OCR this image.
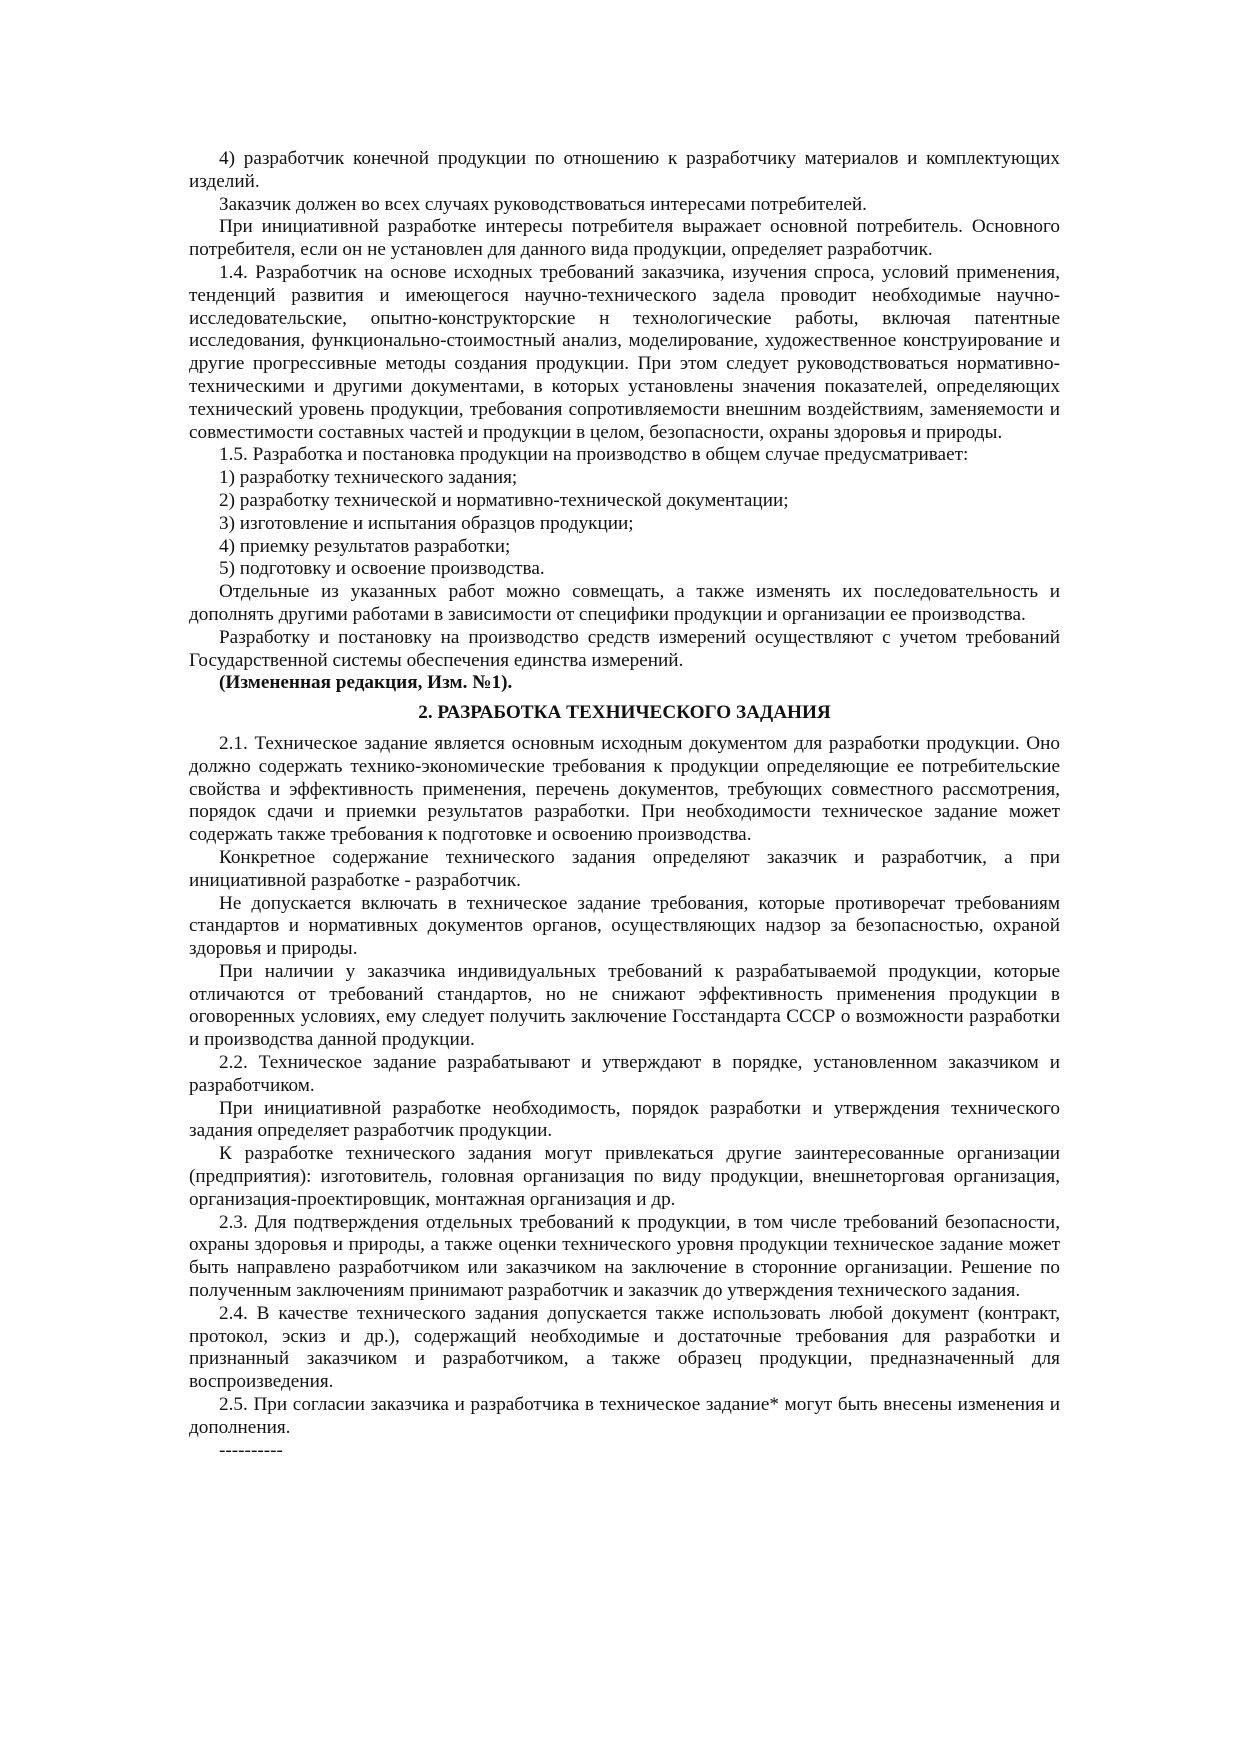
4) разработчик конечной продукции по отношению к разработчику материалов и комплектующих изделий.

Заказчик должен во всех случаях руководствоваться интересами потребителей.

При инициативной разработке интересы потребителя выражает основной потребитель. Основного потребителя, если он не установлен для данного вида продукции, определяет разработчик.

1.4. Разработчик на основе исходных требований заказчика, изучения спроса, условий применения, тенденций развития и имеющегося научно-технического задела проводит необходимые научно-исследовательские, опытно-конструкторские н технологические работы, включая патентные исследования, функционально-стоимостный анализ, моделирование, художественное конструирование и другие прогрессивные методы создания продукции. При этом следует руководствоваться нормативно-техническими и другими документами, в которых установлены значения показателей, определяющих технический уровень продукции, требования сопротивляемости внешним воздействиям, заменяемости и совместимости составных частей и продукции в целом, безопасности, охраны здоровья и природы.

1.5. Разработка и постановка продукции на производство в общем случае предусматривает:

1) разработку технического задания;

2) разработку технической и нормативно-технической документации;

3) изготовление и испытания образцов продукции;

4) приемку результатов разработки;

5) подготовку и освоение производства.

Отдельные из указанных работ можно совмещать, а также изменять их последовательность и дополнять другими работами в зависимости от специфики продукции и организации ее производства.

Разработку и постановку на производство средств измерений осуществляют с учетом требований Государственной системы обеспечения единства измерений.

(Измененная редакция, Изм. №1).

2. РАЗРАБОТКА ТЕХНИЧЕСКОГО ЗАДАНИЯ

2.1. Техническое задание является основным исходным документом для разработки продукции. Оно должно содержать технико-экономические требования к продукции определяющие ее потребительские свойства и эффективность применения, перечень документов, требующих совместного рассмотрения, порядок сдачи и приемки результатов разработки. При необходимости техническое задание может содержать также требования к подготовке и освоению производства.

Конкретное содержание технического задания определяют заказчик и разработчик, а при инициативной разработке - разработчик.

Не допускается включать в техническое задание требования, которые противоречат требованиям стандартов и нормативных документов органов, осуществляющих надзор за безопасностью, охраной здоровья и природы.

При наличии у заказчика индивидуальных требований к разрабатываемой продукции, которые отличаются от требований стандартов, но не снижают эффективность применения продукции в оговоренных условиях, ему следует получить заключение Госстандарта СССР о возможности разработки и производства данной продукции.

2.2. Техническое задание разрабатывают и утверждают в порядке, установленном заказчиком и разработчиком.

При инициативной разработке необходимость, порядок разработки и утверждения технического задания определяет разработчик продукции.

К разработке технического задания могут привлекаться другие заинтересованные организации (предприятия): изготовитель, головная организация по виду продукции, внешнеторговая организация, организация-проектировщик, монтажная организация и др.

2.3. Для подтверждения отдельных требований к продукции, в том числе требований безопасности, охраны здоровья и природы, а также оценки технического уровня продукции техническое задание может быть направлено разработчиком или заказчиком на заключение в сторонние организации. Решение по полученным заключениям принимают разработчик и заказчик до утверждения технического задания.

2.4. В качестве технического задания допускается также использовать любой документ (контракт, протокол, эскиз и др.), содержащий необходимые и достаточные требования для разработки и признанный заказчиком и разработчиком, а также образец продукции, предназначенный для воспроизведения.

2.5. При согласии заказчика и разработчика в техническое задание* могут быть внесены изменения и дополнения.

----------
